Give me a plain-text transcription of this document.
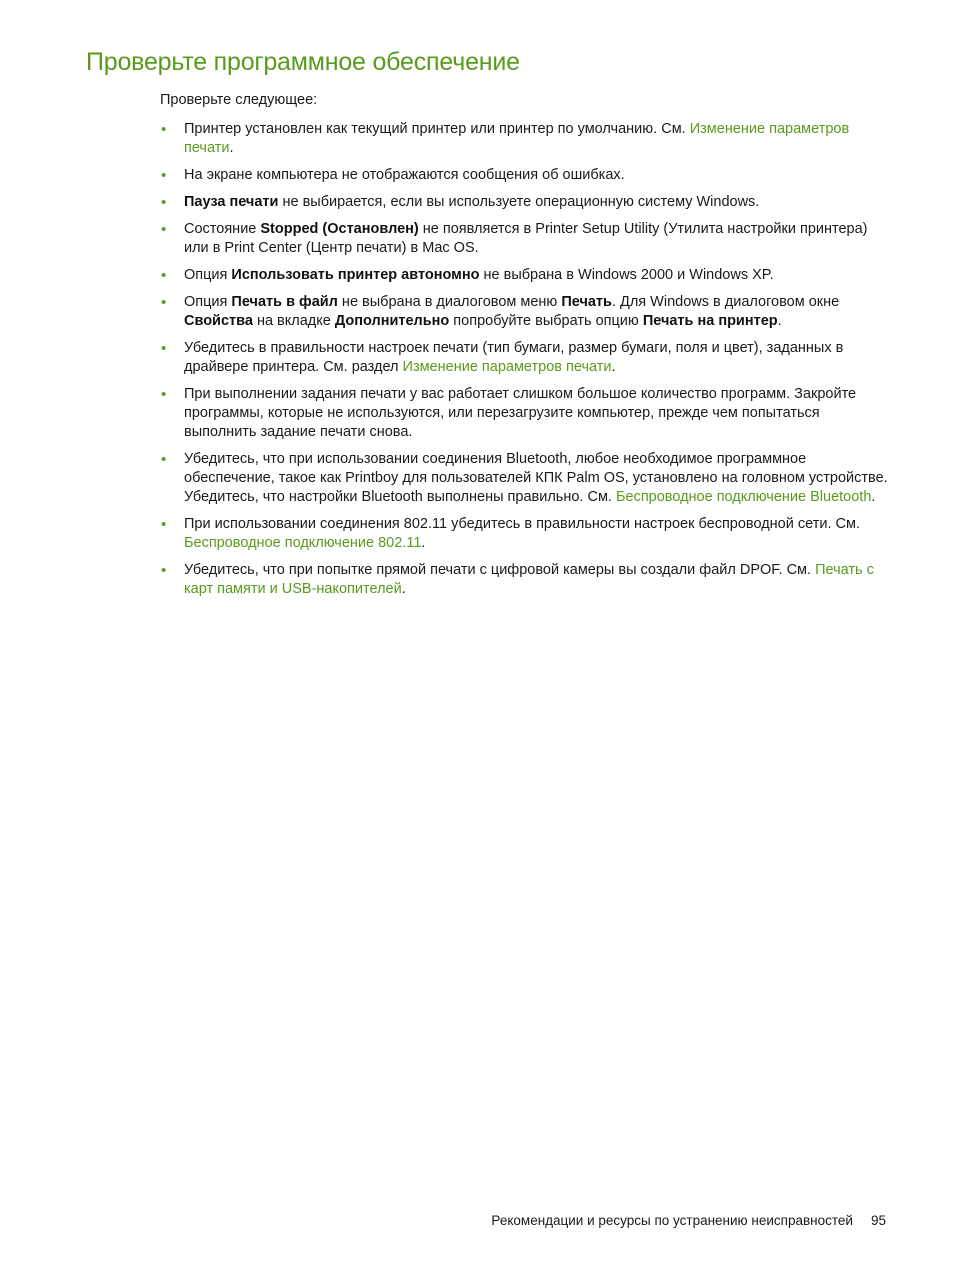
Проверьте программное обеспечение

Проверьте следующее:

• Принтер установлен как текущий принтер или принтер по умолчанию. См. Изменение параметров печати.
• На экране компьютера не отображаются сообщения об ошибках.
• Пауза печати не выбирается, если вы используете операционную систему Windows.
• Состояние Stopped (Остановлен) не появляется в Printer Setup Utility (Утилита настройки принтера) или в Print Center (Центр печати) в Mac OS.
• Опция Использовать принтер автономно не выбрана в Windows 2000 и Windows XP.
• Опция Печать в файл не выбрана в диалоговом меню Печать. Для Windows в диалоговом окне Свойства на вкладке Дополнительно попробуйте выбрать опцию Печать на принтер.
• Убедитесь в правильности настроек печати (тип бумаги, размер бумаги, поля и цвет), заданных в драйвере принтера. См. раздел Изменение параметров печати.
• При выполнении задания печати у вас работает слишком большое количество программ. Закройте программы, которые не используются, или перезагрузите компьютер, прежде чем попытаться выполнить задание печати снова.
• Убедитесь, что при использовании соединения Bluetooth, любое необходимое программное обеспечение, такое как Printboy для пользователей КПК Palm OS, установлено на головном устройстве. Убедитесь, что настройки Bluetooth выполнены правильно. См. Беспроводное подключение Bluetooth.
• При использовании соединения 802.11 убедитесь в правильности настроек беспроводной сети. См. Беспроводное подключение 802.11.
• Убедитесь, что при попытке прямой печати с цифровой камеры вы создали файл DPOF. См. Печать с карт памяти и USB-накопителей.
Рекомендации и ресурсы по устранению неисправностей 95
